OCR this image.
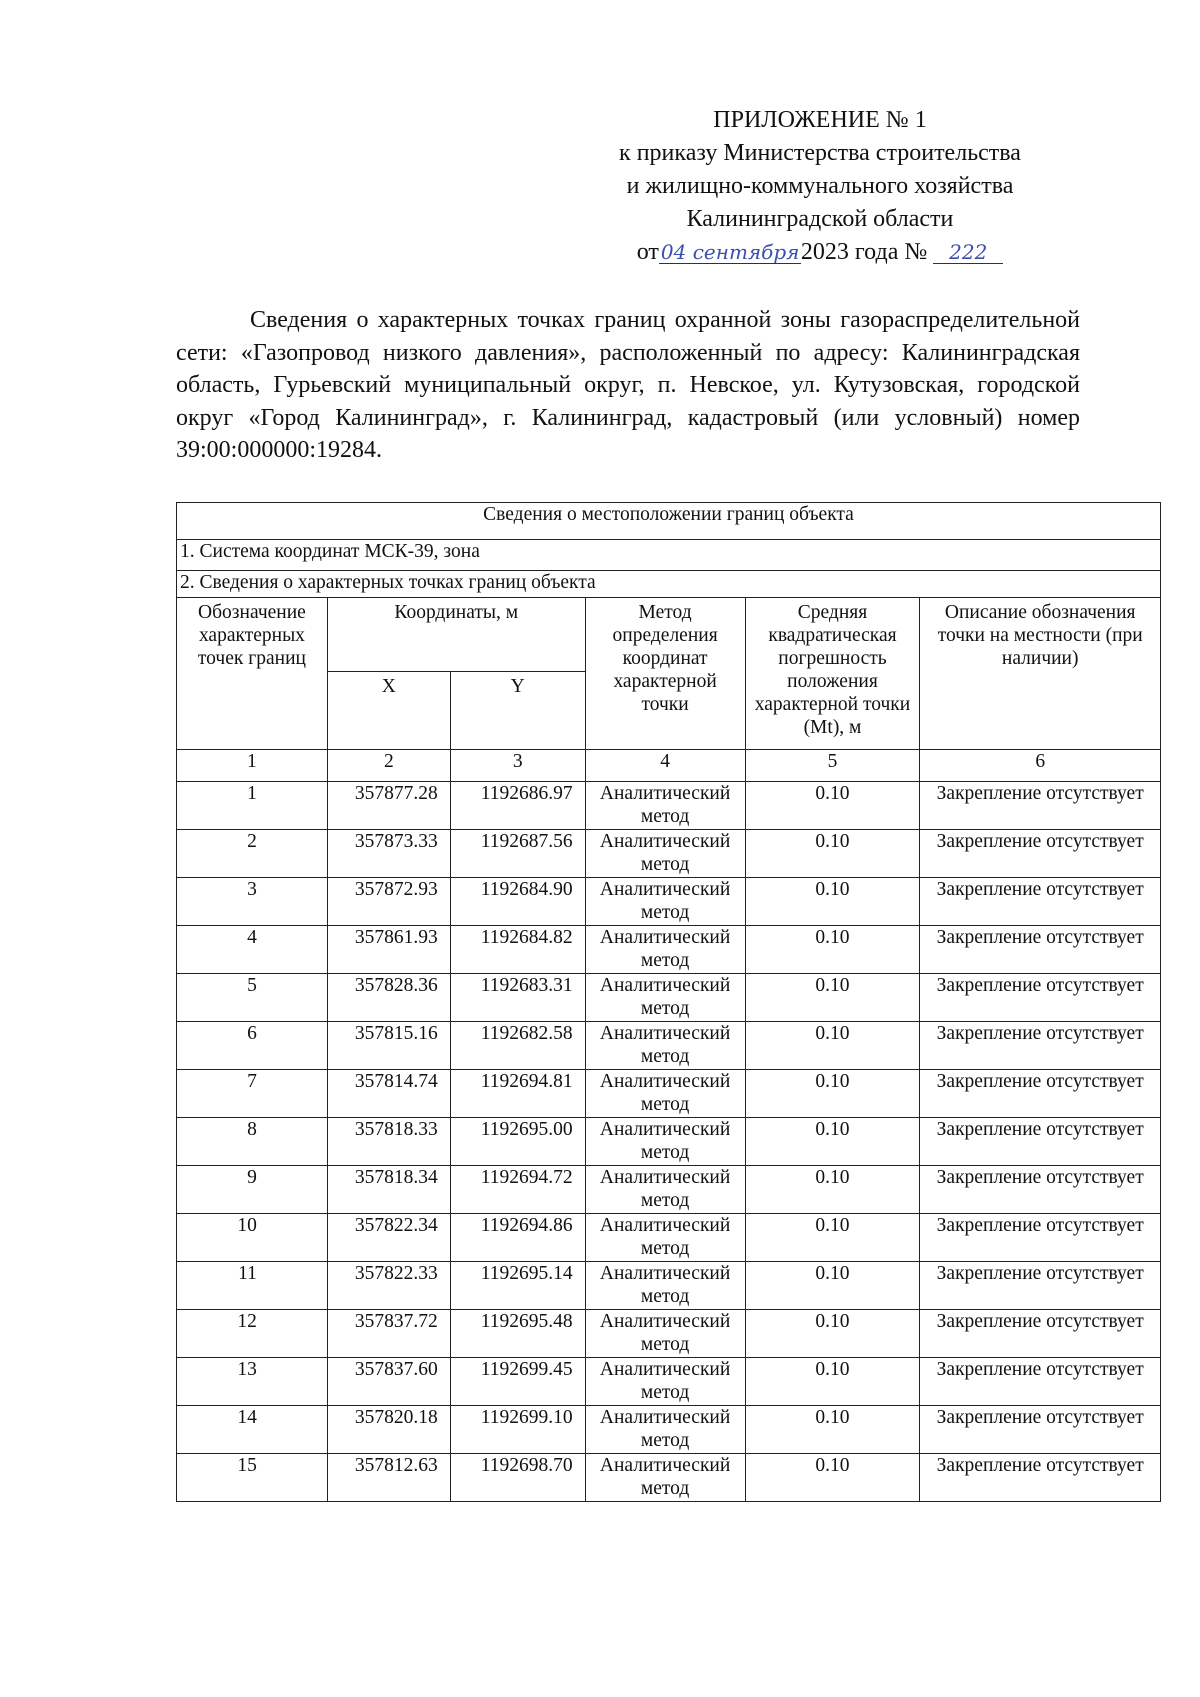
ПРИЛОЖЕНИЕ № 1
к приказу Министерства строительства
и жилищно-коммунального хозяйства
Калининградской области
от 04 сентября2023 года № 222
Сведения о характерных точках границ охранной зоны газораспределительной сети: «Газопровод низкого давления», расположенный по адресу: Калининградская область, Гурьевский муниципальный округ, п. Невское, ул. Кутузовская, городской округ «Город Калининград», г. Калининград, кадастровый (или условный) номер 39:00:000000:19284.
Сведения о местоположении границ объекта					
1. Система координат МСК-39, зона					
2. Сведения о характерных точках границ объекта					
Обозначение характерных точек границ	Координаты, м		Метод определения координат характерной точки	Средняя квадратическая погрешность положения характерной точки (Mt), м	Описание обозначения точки на местности (при наличии)
	X	Y			
1	2	3	4	5	6
1	357877.28	1192686.97	Аналитический метод	0.10	Закрепление отсутствует
2	357873.33	1192687.56	Аналитический метод	0.10	Закрепление отсутствует
3	357872.93	1192684.90	Аналитический метод	0.10	Закрепление отсутствует
4	357861.93	1192684.82	Аналитический метод	0.10	Закрепление отсутствует
5	357828.36	1192683.31	Аналитический метод	0.10	Закрепление отсутствует
6	357815.16	1192682.58	Аналитический метод	0.10	Закрепление отсутствует
7	357814.74	1192694.81	Аналитический метод	0.10	Закрепление отсутствует
8	357818.33	1192695.00	Аналитический метод	0.10	Закрепление отсутствует
9	357818.34	1192694.72	Аналитический метод	0.10	Закрепление отсутствует
10	357822.34	1192694.86	Аналитический метод	0.10	Закрепление отсутствует
11	357822.33	1192695.14	Аналитический метод	0.10	Закрепление отсутствует
12	357837.72	1192695.48	Аналитический метод	0.10	Закрепление отсутствует
13	357837.60	1192699.45	Аналитический метод	0.10	Закрепление отсутствует
14	357820.18	1192699.10	Аналитический метод	0.10	Закрепление отсутствует
15	357812.63	1192698.70	Аналитический метод	0.10	Закрепление отсутствует
